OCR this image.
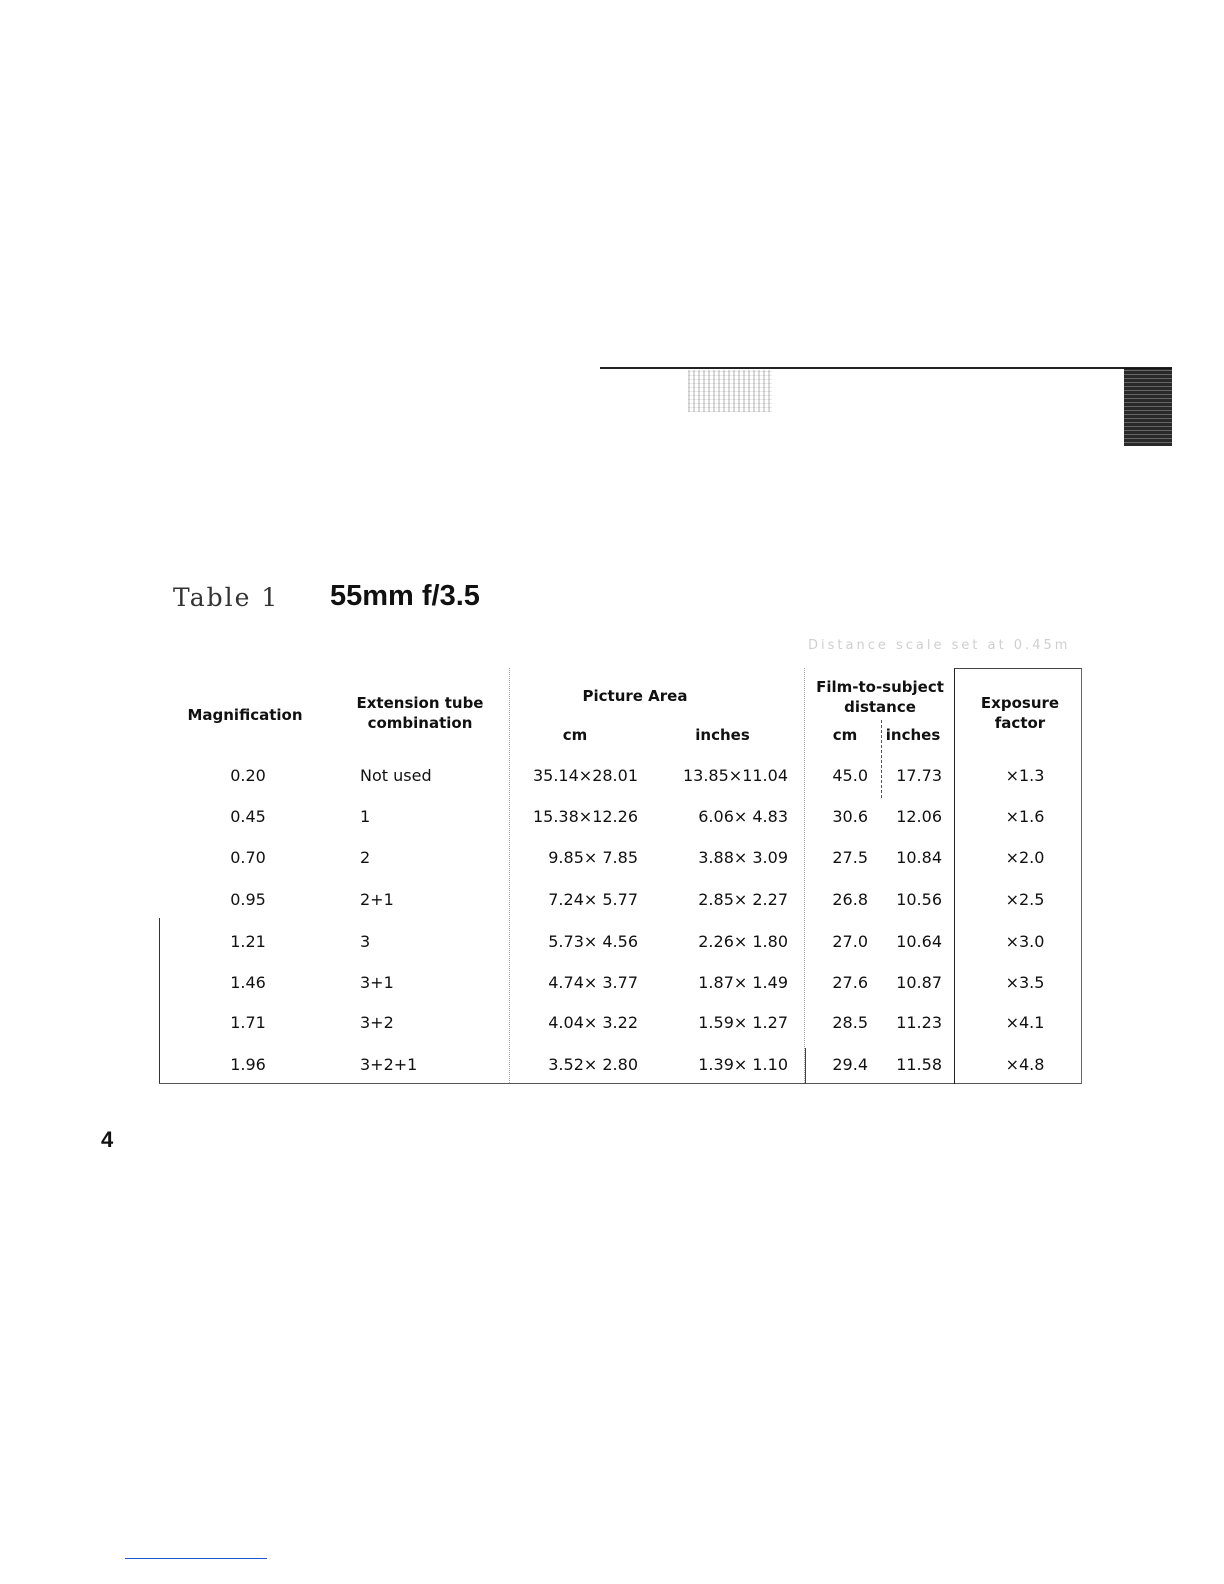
Table 1 55mm f/3.5
Distance scale set at 0.45m
Magnification
Extension tube
combination
Picture Area
cm	inches
Film-to-subject
distance
cm	inches
Exposure
factor
0.20	Not used	35.14×28.01	13.85×11.04	45.0	17.73	×1.3
0.45	1	15.38×12.26	6.06× 4.83	30.6	12.06	×1.6
0.70	2	9.85× 7.85	3.88× 3.09	27.5	10.84	×2.0
0.95	2+1	7.24× 5.77	2.85× 2.27	26.8	10.56	×2.5
1.21	3	5.73× 4.56	2.26× 1.80	27.0	10.64	×3.0
1.46	3+1	4.74× 3.77	1.87× 1.49	27.6	10.87	×3.5
1.71	3+2	4.04× 3.22	1.59× 1.27	28.5	11.23	×4.1
1.96	3+2+1	3.52× 2.80	1.39× 1.10	29.4	11.58	×4.8
4
